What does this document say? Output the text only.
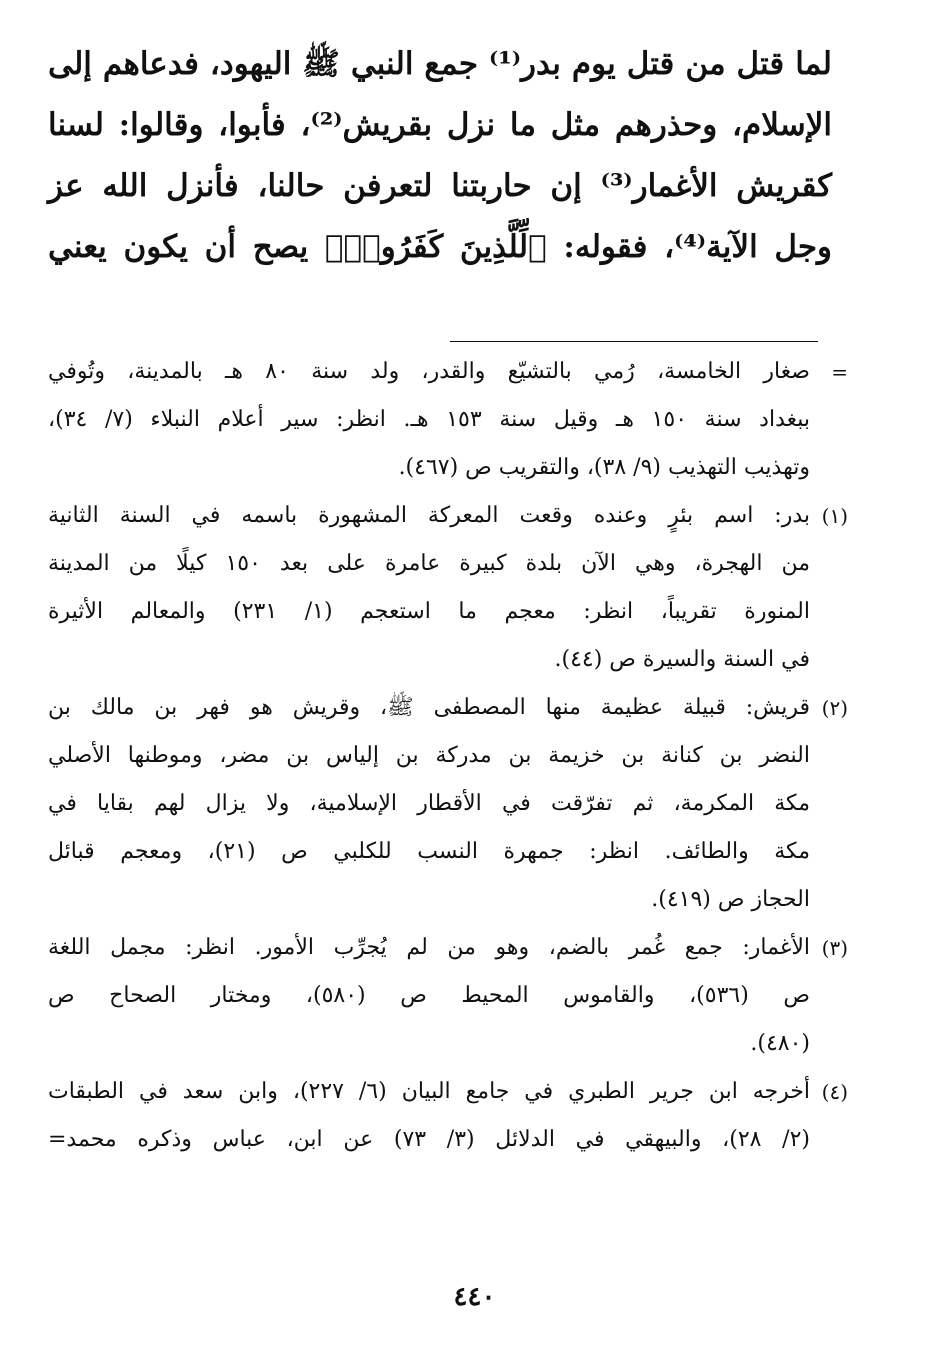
لما قتل من قتل يوم بدر⁽¹⁾ جمع النبي ﷺ اليهود، فدعاهم إلى
الإسلام، وحذرهم مثل ما نزل بقريش⁽²⁾، فأبوا، وقالوا: لسنا
كقريش الأغمار⁽³⁾ إن حاربتنا لتعرفن حالنا، فأنزل الله عز
وجل الآية⁽⁴⁾، فقوله: ﴿لِّلَّذِينَ كَفَرُوا۟﴾ يصح أن يكون يعني
=
صغار الخامسة، رُمي بالتشيّع والقدر، ولد سنة ٨٠ هـ بالمدينة، وتُوفي
ببغداد سنة ١٥٠ هـ وقيل سنة ١٥٣ هـ. انظر: سير أعلام النبلاء (٧/ ٣٤)،
وتهذيب التهذيب (٩/ ٣٨)، والتقريب ص (٤٦٧).
(١)
بدر: اسم بئرٍ وعنده وقعت المعركة المشهورة باسمه في السنة الثانية
من الهجرة، وهي الآن بلدة كبيرة عامرة على بعد ١٥٠ كيلًا من المدينة
المنورة تقريباً، انظر: معجم ما استعجم (١/ ٢٣١) والمعالم الأثيرة
في السنة والسيرة ص (٤٤).
(٢)
قريش: قبيلة عظيمة منها المصطفى ﷺ، وقريش هو فهر بن مالك بن
النضر بن كنانة بن خزيمة بن مدركة بن إلياس بن مضر، وموطنها الأصلي
مكة المكرمة، ثم تفرّقت في الأقطار الإسلامية، ولا يزال لهم بقايا في
مكة والطائف. انظر: جمهرة النسب للكلبي ص (٢١)، ومعجم قبائل
الحجاز ص (٤١٩).
(٣)
الأغمار: جمع غُمر بالضم، وهو من لم يُجرِّب الأمور. انظر: مجمل اللغة
ص (٥٣٦)، والقاموس المحيط ص (٥٨٠)، ومختار الصحاح ص
(٤٨٠).
(٤)
أخرجه ابن جرير الطبري في جامع البيان (٦/ ٢٢٧)، وابن سعد في الطبقات
(٢/ ٢٨)، والبيهقي في الدلائل (٣/ ٧٣) عن ابن، عباس وذكره محمد=
٤٤٠
